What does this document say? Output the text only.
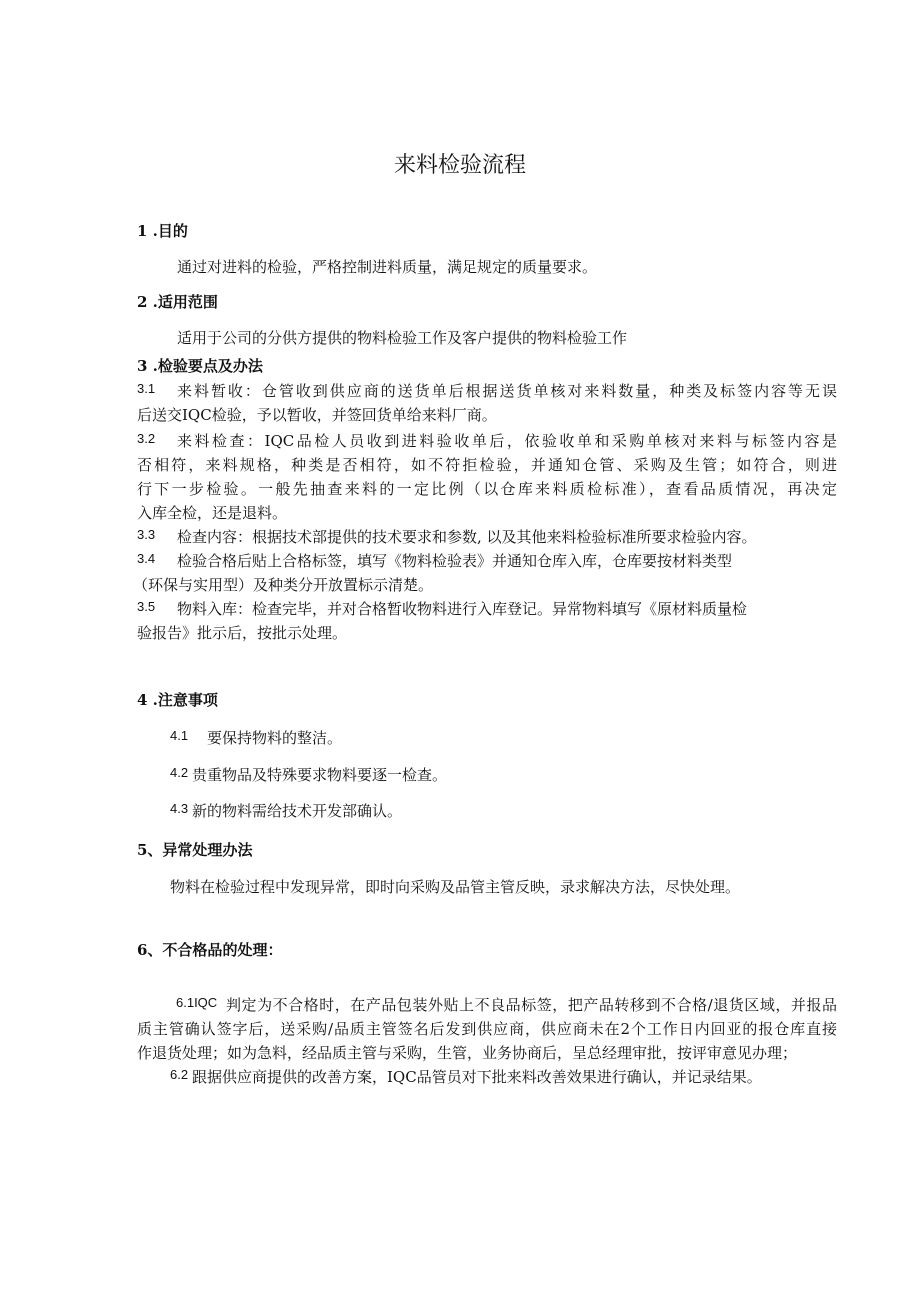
来料检验流程
1 .目的
通过对进料的检验，严格控制进料质量，满足规定的质量要求。
2 .适用范围
适用于公司的分供方提供的物料检验工作及客户提供的物料检验工作
3 .检验要点及办法
3.1 来料暂收：仓管收到供应商的送货单后根据送货单核对来料数量，种类及标签内容等无误
后送交IQC检验，予以暂收，并签回货单给来料厂商。
3.2 来料检查：IQC品检人员收到进料验收单后，依验收单和采购单核对来料与标签内容是
否相符，来料规格，种类是否相符，如不符拒检验，并通知仓管、采购及生管；如符合，则进
行下一步检验。一般先抽查来料的一定比例（以仓库来料质检标准），查看品质情况，再决定
入库全检，还是退料。
3.3 检查内容：根据技术部提供的技术要求和参数, 以及其他来料检验标准所要求检验内容。
3.4 检验合格后贴上合格标签，填写《物料检验表》并通知仓库入库，仓库要按材料类型
（环保与实用型）及种类分开放置标示清楚。
3.5 物料入库：检查完毕，并对合格暂收物料进行入库登记。异常物料填写《原材料质量检
验报告》批示后，按批示处理。
4 .注意事项
4.1 要保持物料的整洁。
4.2 贵重物品及特殊要求物料要逐一检查。
4.3 新的物料需给技术开发部确认。
5、异常处理办法
物料在检验过程中发现异常，即时向采购及品管主管反映，录求解决方法，尽快处理。
6、不合格品的处理：
6.1IQC 判定为不合格时，在产品包装外贴上不良品标签，把产品转移到不合格/退货区域，并报品
质主管确认签字后，送采购/品质主管签名后发到供应商，供应商未在2个工作日内回亚的报仓库直接
作退货处理；如为急料，经品质主管与采购，生管，业务协商后，呈总经理审批，按评审意见办理；
6.2 跟据供应商提供的改善方案，IQC品管员对下批来料改善效果进行确认，并记录结果。
